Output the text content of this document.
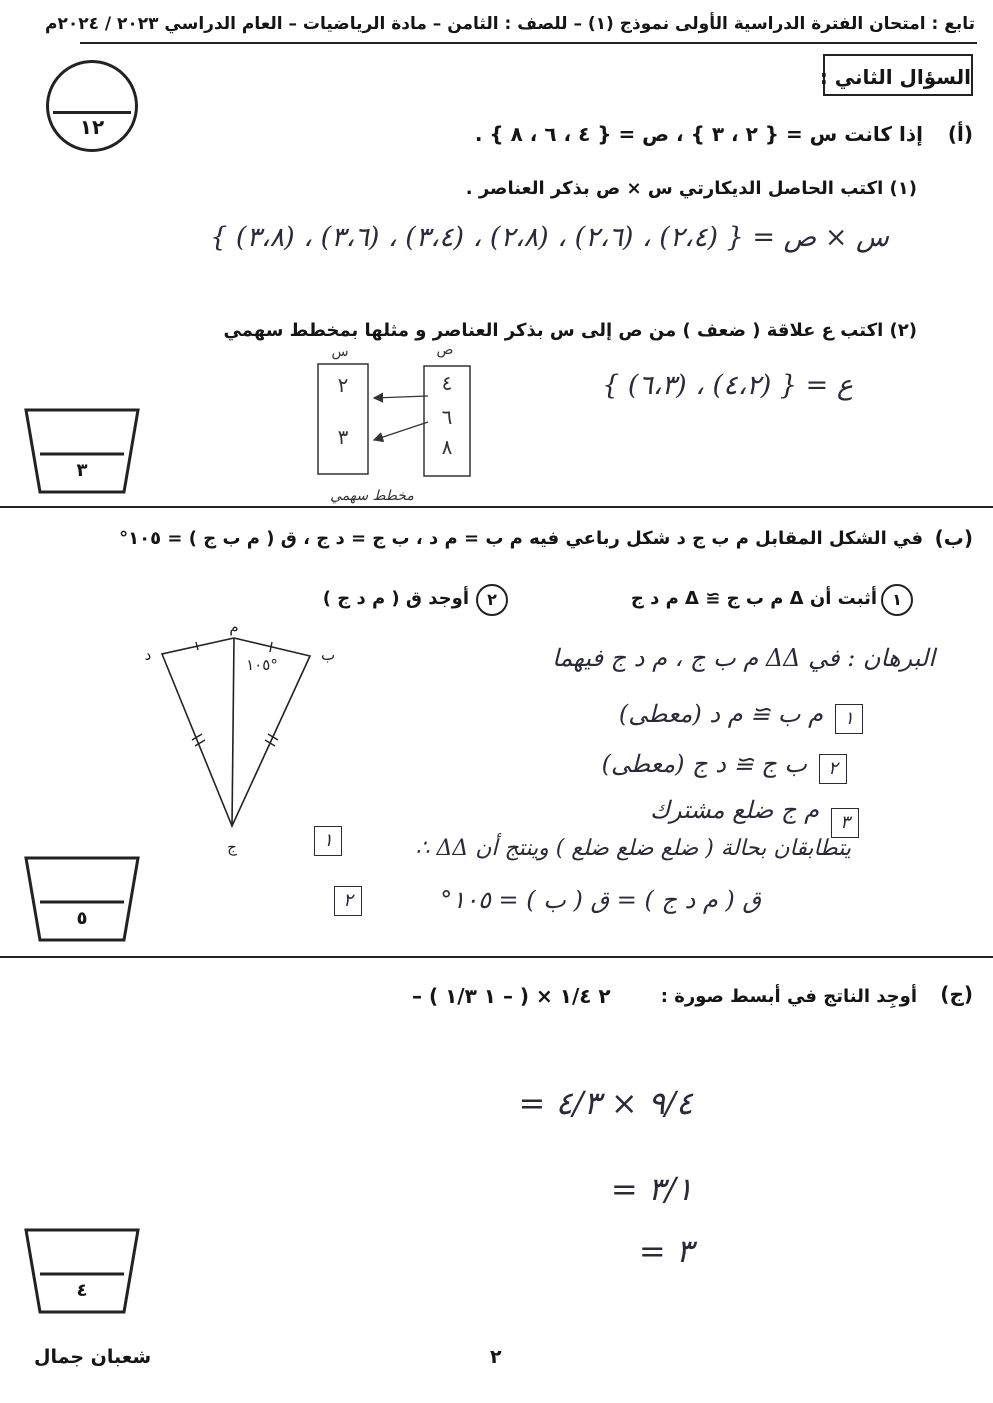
تابع : امتحان الفترة الدراسية الأولى نموذج (١) – للصف : الثامن – مادة الرياضيات – العام الدراسي ٢٠٢٣ / ٢٠٢٤م
السؤال الثاني :
١٢	(أ)
إذا كانت س = { ٢ ، ٣ } ، ص = { ٤ ، ٦ ، ٨ } .
(١) اكتب الحاصل الديكارتي س × ص بذكر العناصر .
س × ص = { (٢،٤) ، (٢،٦) ، (٢،٨) ، (٣،٤) ، (٣،٦) ، (٣،٨) }
(٢) اكتب ع علاقة ( ضعف ) من ص إلى س بذكر العناصر و مثلها بمخطط سهمي
ع = { (٤،٢) ، (٦،٣) }
س	ص
٢
٣
٤
٦
٨
مخطط سهمي
٣
(ب)
في الشكل المقابل م ب ج د شكل رباعي فيه م ب = م د ، ب ج = د ج ، ق ( م ب ج ) = ١٠٥°
١
أثبت أن Δ م ب ج ≅ Δ م د ج
٢
أوجد ق ( م د ج )
م
د	ب
ج
١٠٥°	البرهان : في ΔΔ م ب ج ، م د ج فيهما
١
م ب ≅ م د (معطى)
٢
ب ج ≅ د ج (معطى)
٣
م ج ضلع مشترك
∴ ΔΔ يتطابقان بحالة ( ضلع ضلع ضلع ) وينتج أن
١
ق ( م د ج ) = ق ( ب ) = ١٠٥°
٢
٥
(ج)
أوجِد الناتج في أبسط صورة :
– ٢ ١/٤ × ( – ١ ١/٣ )
= ٩/٤ × ٤/٣
= ٣/١
= ٣
٤
شعبان جمال	٢
